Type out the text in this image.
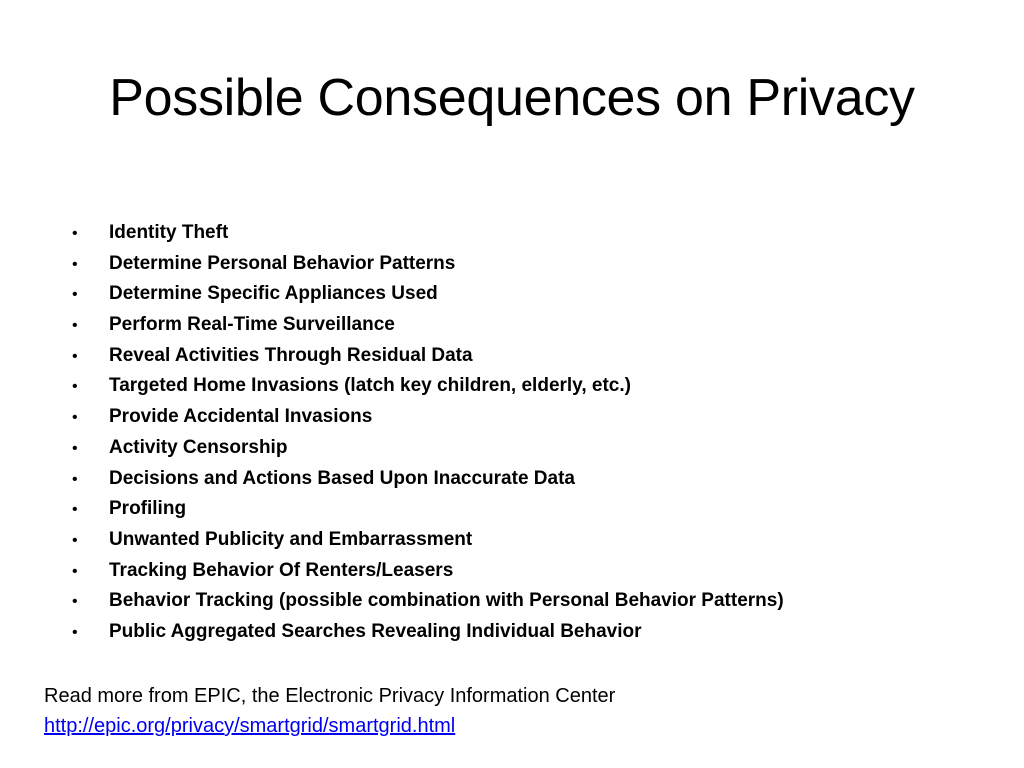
Possible Consequences on Privacy
•	Identity Theft
•	Determine Personal Behavior Patterns
•	Determine Specific Appliances Used
•	Perform Real-Time Surveillance
•	Reveal Activities Through Residual Data
•	Targeted Home Invasions (latch key children, elderly, etc.)
•	Provide Accidental Invasions
•	Activity Censorship
•	Decisions and Actions Based Upon Inaccurate Data
•	Profiling
•	Unwanted Publicity and Embarrassment
•	Tracking Behavior Of Renters/Leasers
•	Behavior Tracking (possible combination with Personal Behavior Patterns)
•	Public Aggregated Searches Revealing Individual Behavior
Read more from EPIC, the Electronic Privacy Information Center
http://epic.org/privacy/smartgrid/smartgrid.html
